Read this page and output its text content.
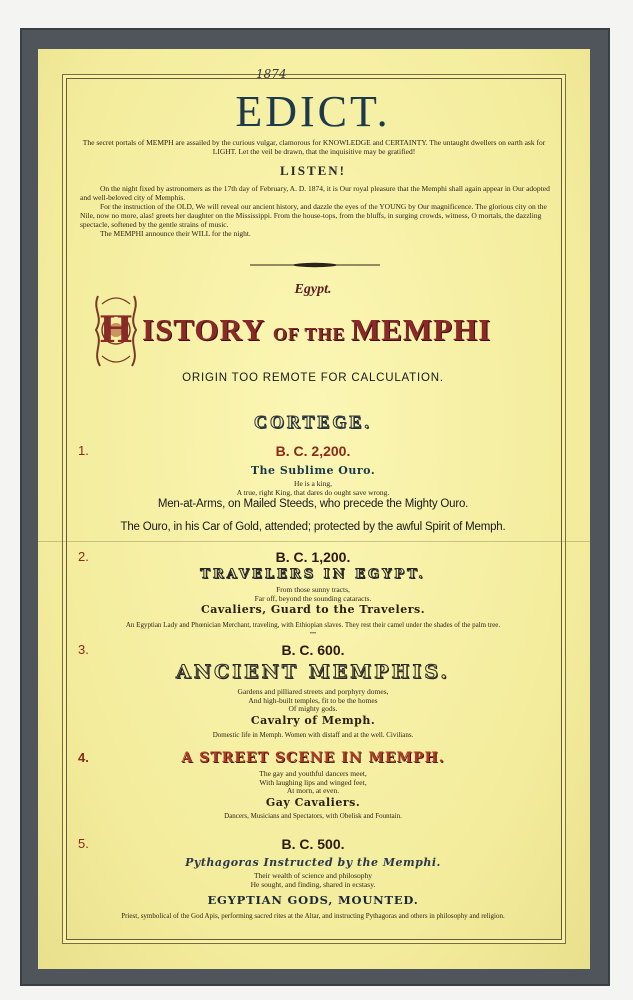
1874
EDICT.
The secret portals of MEMPH are assailed by the curious vulgar, clamorous for KNOWLEDGE and CERTAINTY. The untaught dwellers on earth ask for LIGHT. Let the veil be drawn, that the inquisitive may be gratified!
LISTEN!

On the night fixed by astronomers as the 17th day of February, A. D. 1874, it is Our royal pleasure that the Memphi shall again appear in Our adopted and well-beloved city of Memphis.

For the instruction of the OLD, We will reveal our ancient history, and dazzle the eyes of the YOUNG by Our magnificence. The glorious city on the Nile, now no more, alas! greets her daughter on the Mississippi. From the house-tops, from the bluffs, in surging crowds, witness, O mortals, the dazzling spectacle, softened by the gentle strains of music.

The MEMPHI announce their WILL for the night.

Egypt.
H ISTORY OF THE MEMPHI
ORIGIN TOO REMOTE FOR CALCULATION.
CORTEGE.
1.	B. C. 2,200.
The Sublime Ouro.
He is a king,
A true, right King, that dares do ought save wrong.
Men-at-Arms, on Mailed Steeds, who precede the Mighty Ouro.
The Ouro, in his Car of Gold, attended; protected by the awful Spirit of Memph.
2.	B. C. 1,200.
TRAVELERS IN EGYPT.
From those sunny tracts,
Far off, beyond the sounding cataracts.
Cavaliers, Guard to the Travelers.
An Egyptian Lady and Phœnician Merchant, traveling, with Ethiopian slaves. They rest their camel under the shades of the palm tree.
•••
3.	B. C. 600.
ANCIENT MEMPHIS.
Gardens and pilliared streets and porphyry domes,
And high-built temples, fit to be the homes
Of mighty gods.
Cavalry of Memph.
Domestic life in Memph. Women with distaff and at the well. Civilians.
4.	A STREET SCENE IN MEMPH.
The gay and youthful dancers meet,
With laughing lips and winged feet,
At morn, at even.
Gay Cavaliers.
Dancers, Musicians and Spectators, with Obelisk and Fountain.
5.	B. C. 500.
Pythagoras Instructed by the Memphi.
Their wealth of science and philosophy
He sought, and finding, shared in ecstasy.
EGYPTIAN GODS, MOUNTED.
Priest, symbolical of the God Apis, performing sacred rites at the Altar, and instructing Pythagoras and others in philosophy and religion.
